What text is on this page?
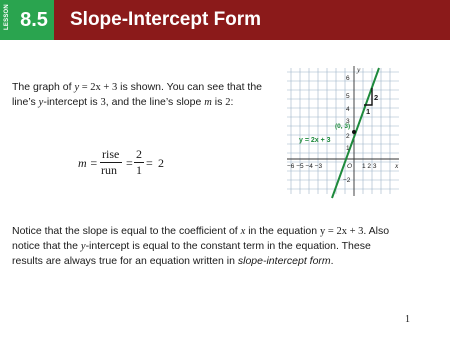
LESSON 8.5	Slope-Intercept Form
The graph of y = 2x + 3 is shown. You can see that the line’s y-intercept is 3, and the line’s slope m is 2:
m =
rise
run =
2
1 = 2
y
x
O
6
5
4
3
2
1
−2
−6 −5 −4 −3	1 2 3
(0, 3)
2
1
y = 2x + 3
Notice that the slope is equal to the coefficient of x in the equation y = 2x + 3. Also notice that the y-intercept is equal to the constant term in the equation. These results are always true for an equation written in slope-intercept form.
1
